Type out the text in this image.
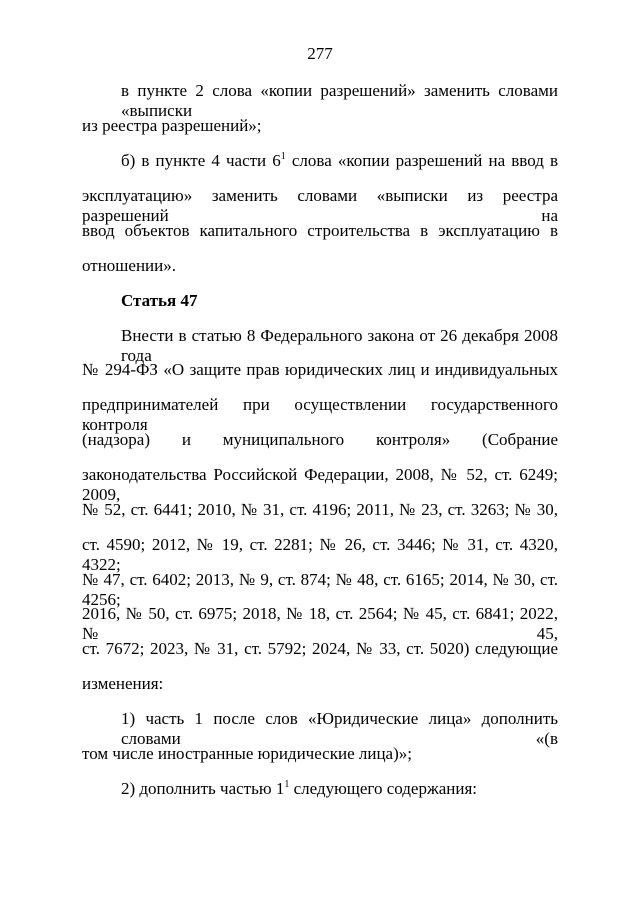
277
в пункте 2 слова «копии разрешений» заменить словами «выписки
из реестра разрешений»;
б) в пункте 4 части $6^1$ слова «копии разрешений на ввод в
эксплуатацию» заменить словами «выписки из реестра разрешений на
ввод объектов капитального строительства в эксплуатацию в
отношении».
Статья 47
Внести в статью 8 Федерального закона от 26 декабря 2008 года
№ 294-ФЗ «О защите прав юридических лиц и индивидуальных
предпринимателей при осуществлении государственного контроля
(надзора) и муниципального контроля» (Собрание
законодательства Российской Федерации, 2008, № 52, ст. 6249; 2009,
№ 52, ст. 6441; 2010, № 31, ст. 4196; 2011, № 23, ст. 3263; № 30,
ст. 4590; 2012, № 19, ст. 2281; № 26, ст. 3446; № 31, ст. 4320, 4322;
№ 47, ст. 6402; 2013, № 9, ст. 874; № 48, ст. 6165; 2014, № 30, ст. 4256;
2016, № 50, ст. 6975; 2018, № 18, ст. 2564; № 45, ст. 6841; 2022, № 45,
ст. 7672; 2023, № 31, ст. 5792; 2024, № 33, ст. 5020) следующие
изменения:
1) часть 1 после слов «Юридические лица» дополнить словами «(в
том числе иностранные юридические лица)»;
2) дополнить частью $1^1$ следующего содержания:
